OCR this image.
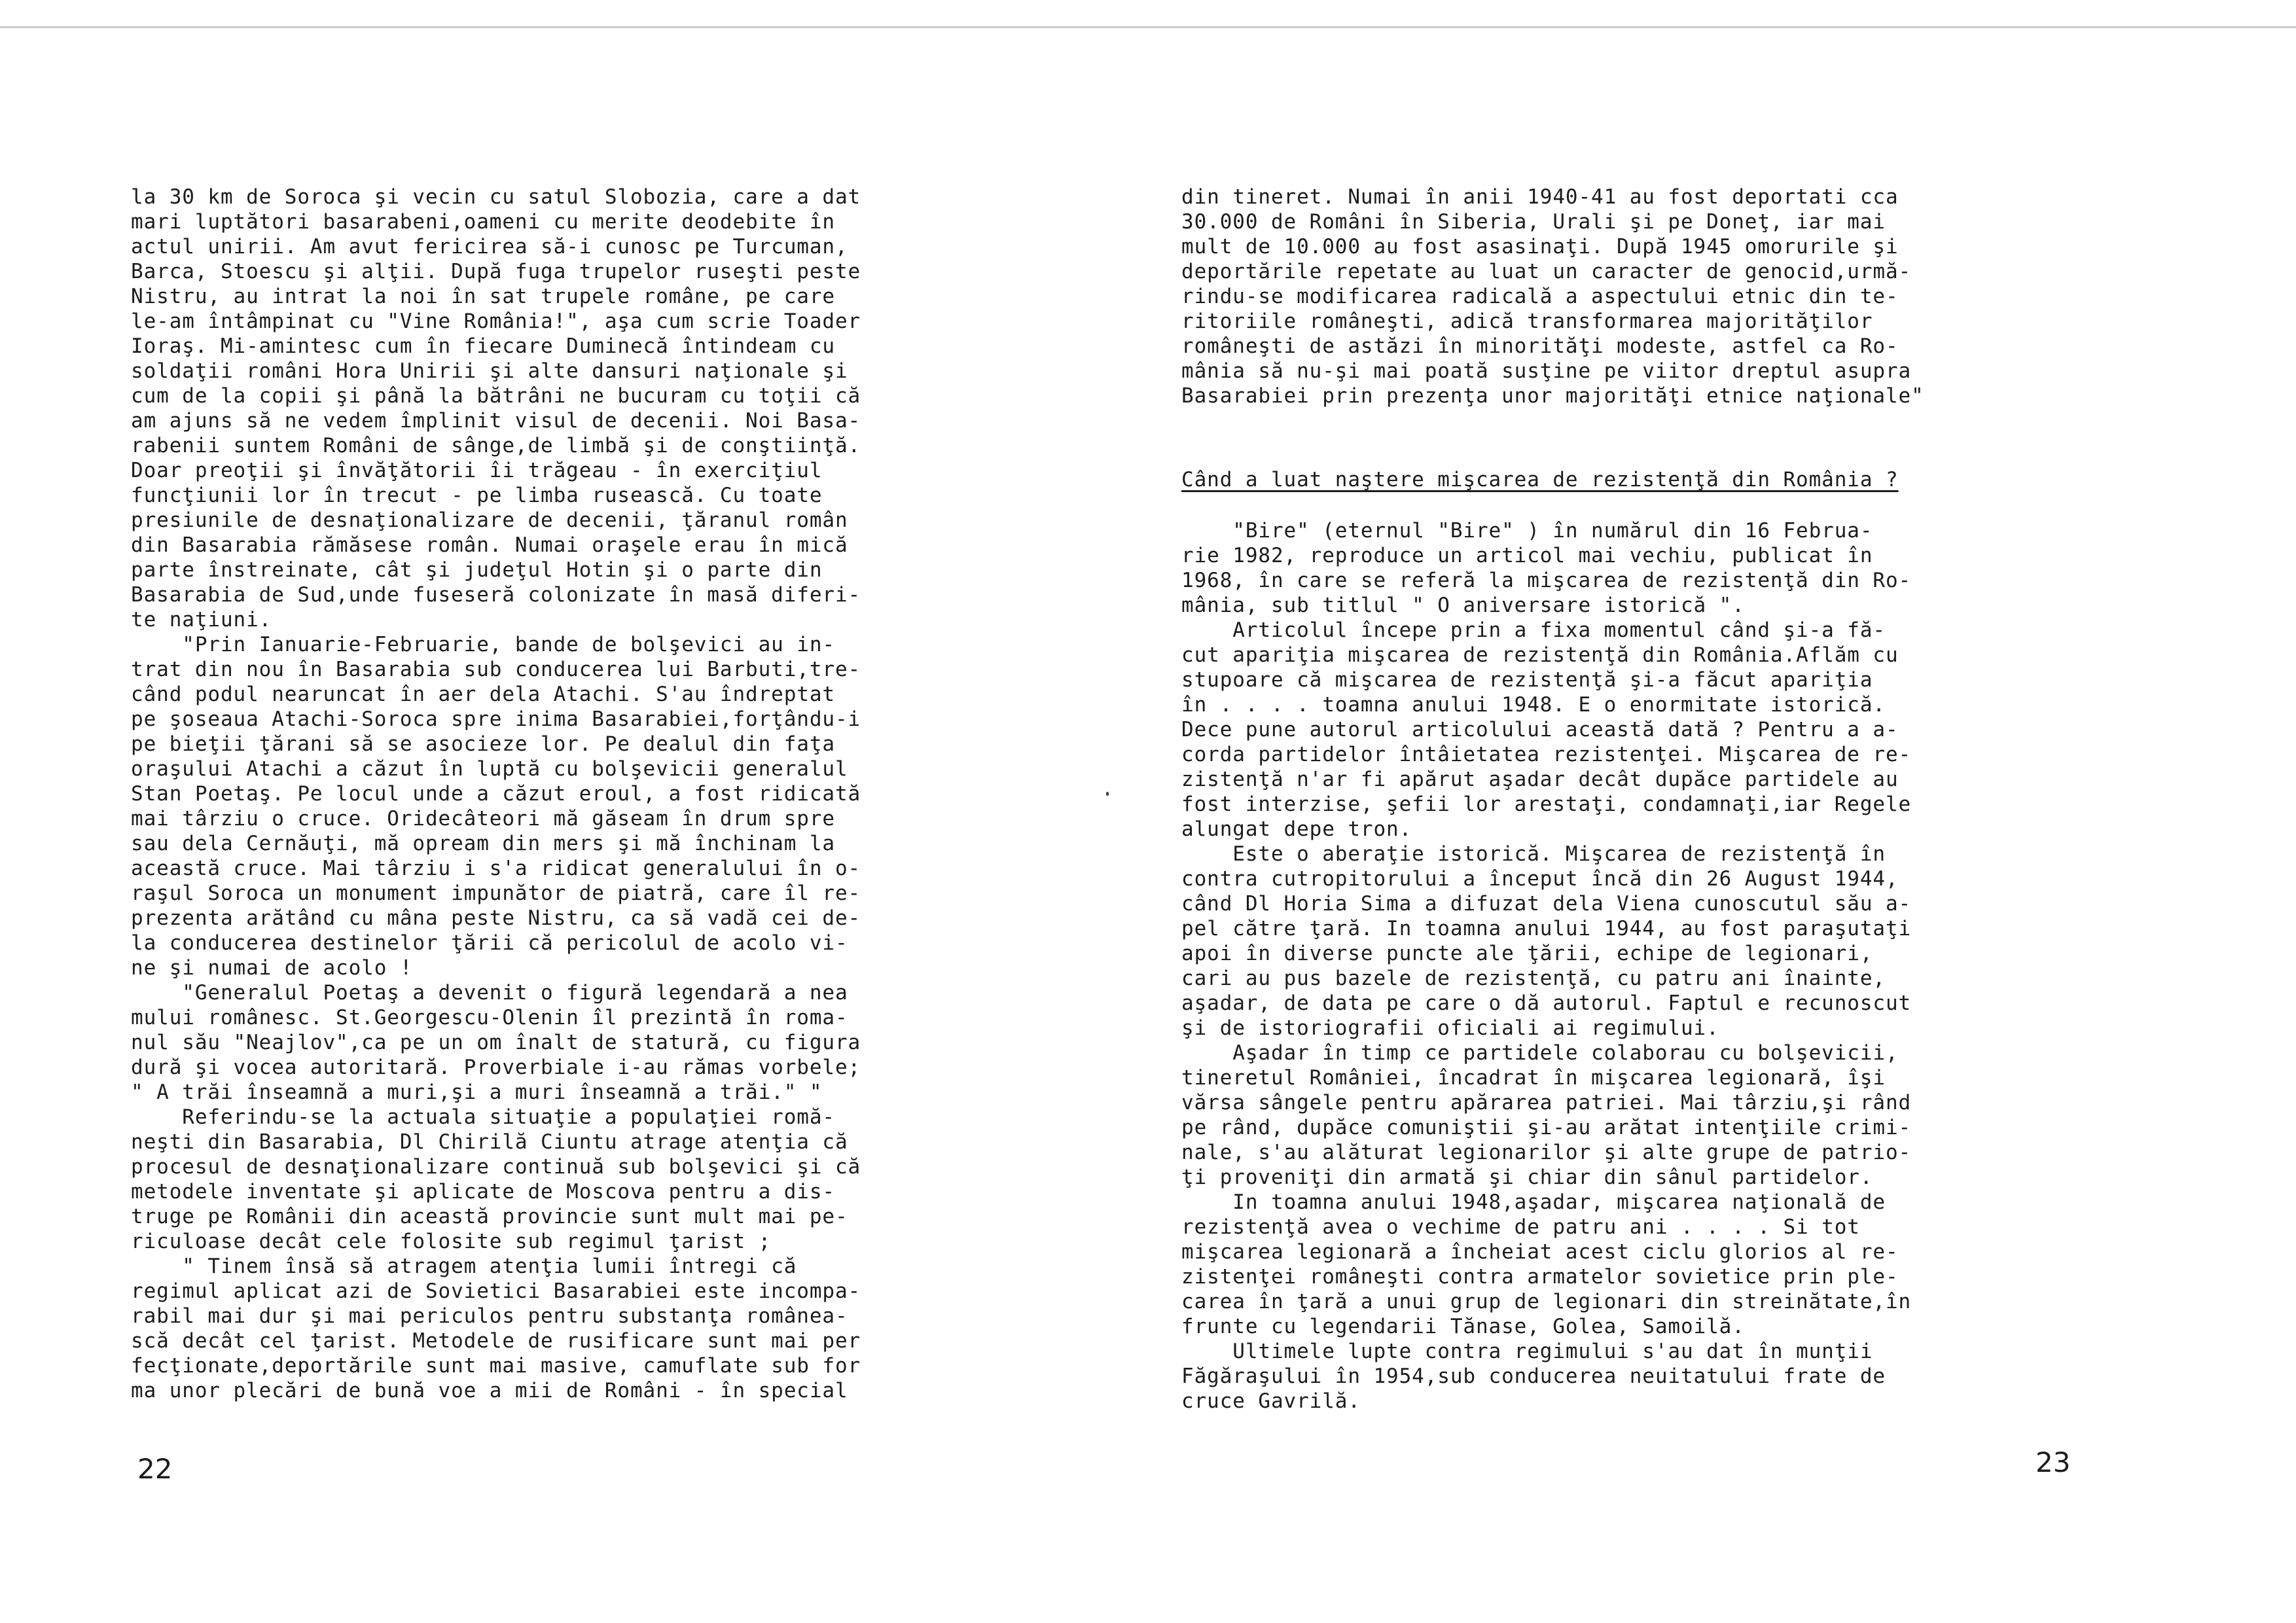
la 30 km de Soroca şi vecin cu satul Slobozia, care a dat
mari luptători basarabeni,oameni cu merite deodebite în
actul unirii. Am avut fericirea să-i cunosc pe Turcuman,
Barca, Stoescu şi alţii. După fuga trupelor ruseşti peste
Nistru, au intrat la noi în sat trupele române, pe care
le-am întâmpinat cu "Vine România!", aşa cum scrie Toader
Ioraş. Mi-amintesc cum în fiecare Duminecă întindeam cu
soldaţii români Hora Unirii şi alte dansuri naţionale şi
cum de la copii şi până la bătrâni ne bucuram cu toţii că
am ajuns să ne vedem împlinit visul de decenii. Noi Basa-
rabenii suntem Români de sânge,de limbă şi de conştiinţă.
Doar preoţii şi învăţătorii îi trăgeau - în exerciţiul
funcţiunii lor în trecut - pe limba rusească. Cu toate
presiunile de desnaţionalizare de decenii, ţăranul român
din Basarabia rămăsese român. Numai oraşele erau în mică
parte înstreinate, cât şi judeţul Hotin şi o parte din
Basarabia de Sud,unde fuseseră colonizate în masă diferi-
te naţiuni.
"Prin Ianuarie-Februarie, bande de bolşevici au in-
trat din nou în Basarabia sub conducerea lui Barbuti,tre-
când podul nearuncat în aer dela Atachi. S'au îndreptat
pe şoseaua Atachi-Soroca spre inima Basarabiei,forţându-i
pe bieţii ţărani să se asocieze lor. Pe dealul din faţa
oraşului Atachi a căzut în luptă cu bolşevicii generalul
Stan Poetaş. Pe locul unde a căzut eroul, a fost ridicată
mai târziu o cruce. Oridecâteori mă găseam în drum spre
sau dela Cernăuţi, mă opream din mers şi mă închinam la
această cruce. Mai târziu i s'a ridicat generalului în o-
raşul Soroca un monument impunător de piatră, care îl re-
prezenta arătând cu mâna peste Nistru, ca să vadă cei de-
la conducerea destinelor ţării că pericolul de acolo vi-
ne şi numai de acolo !
"Generalul Poetaş a devenit o figură legendară a nea
mului românesc. St.Georgescu-Olenin îl prezintă în roma-
nul său "Neajlov",ca pe un om înalt de statură, cu figura
dură şi vocea autoritară. Proverbiale i-au rămas vorbele;
" A trăi înseamnă a muri,şi a muri înseamnă a trăi." "
Referindu-se la actuala situaţie a populaţiei romă-
neşti din Basarabia, Dl Chirilă Ciuntu atrage atenţia că
procesul de desnaţionalizare continuă sub bolşevici şi că
metodele inventate şi aplicate de Moscova pentru a dis-
truge pe Românii din această provincie sunt mult mai pe-
riculoase decât cele folosite sub regimul ţarist ;
" Tinem însă să atragem atenţia lumii întregi că
regimul aplicat azi de Sovietici Basarabiei este incompa-
rabil mai dur şi mai periculos pentru substanţa românea-
scă decât cel ţarist. Metodele de rusificare sunt mai per
fecţionate,deportările sunt mai masive, camuflate sub for
ma unor plecări de bună voe a mii de Români - în special
din tineret. Numai în anii 1940-41 au fost deportati cca
30.000 de Români în Siberia, Urali şi pe Doneţ, iar mai
mult de 10.000 au fost asasinaţi. După 1945 omorurile şi
deportările repetate au luat un caracter de genocid,urmă-
rindu-se modificarea radicală a aspectului etnic din te-
ritoriile româneşti, adică transformarea majorităţilor
româneşti de astăzi în minorităţi modeste, astfel ca Ro-
mânia să nu-şi mai poată susţine pe viitor dreptul asupra
Basarabiei prin prezenţa unor majorităţi etnice naţionale"
Când a luat naştere mişcarea de rezistenţă din România ?
"Bire" (eternul "Bire" ) în numărul din 16 Februa-
rie 1982, reproduce un articol mai vechiu, publicat în
1968, în care se referă la mişcarea de rezistenţă din Ro-
mânia, sub titlul " O aniversare istorică ".
Articolul începe prin a fixa momentul când şi-a fă-
cut apariţia mişcarea de rezistenţă din România.Aflăm cu
stupoare că mişcarea de rezistenţă şi-a făcut apariţia
în . . . . toamna anului 1948. E o enormitate istorică.
Dece pune autorul articolului această dată ? Pentru a a-
corda partidelor întâietatea rezistenţei. Mişcarea de re-
zistenţă n'ar fi apărut aşadar decât dupăce partidele au
fost interzise, şefii lor arestaţi, condamnaţi,iar Regele
alungat depe tron.
Este o aberaţie istorică. Mişcarea de rezistenţă în
contra cutropitorului a început încă din 26 August 1944,
când Dl Horia Sima a difuzat dela Viena cunoscutul său a-
pel către ţară. In toamna anului 1944, au fost paraşutaţi
apoi în diverse puncte ale ţării, echipe de legionari,
cari au pus bazele de rezistenţă, cu patru ani înainte,
aşadar, de data pe care o dă autorul. Faptul e recunoscut
şi de istoriografii oficiali ai regimului.
Aşadar în timp ce partidele colaborau cu bolşevicii,
tineretul României, încadrat în mişcarea legionară, îşi
vărsa sângele pentru apărarea patriei. Mai târziu,şi rând
pe rând, dupăce comuniştii şi-au arătat intenţiile crimi-
nale, s'au alăturat legionarilor şi alte grupe de patrio-
ţi proveniţi din armată şi chiar din sânul partidelor.
In toamna anului 1948,aşadar, mişcarea naţională de
rezistenţă avea o vechime de patru ani . . . . Si tot
mişcarea legionară a încheiat acest ciclu glorios al re-
zistenţei româneşti contra armatelor sovietice prin ple-
carea în ţară a unui grup de legionari din streinătate,în
frunte cu legendarii Tănase, Golea, Samoilă.
Ultimele lupte contra regimului s'au dat în munţii
Făgăraşului în 1954,sub conducerea neuitatului frate de
cruce Gavrilă.
22	23
